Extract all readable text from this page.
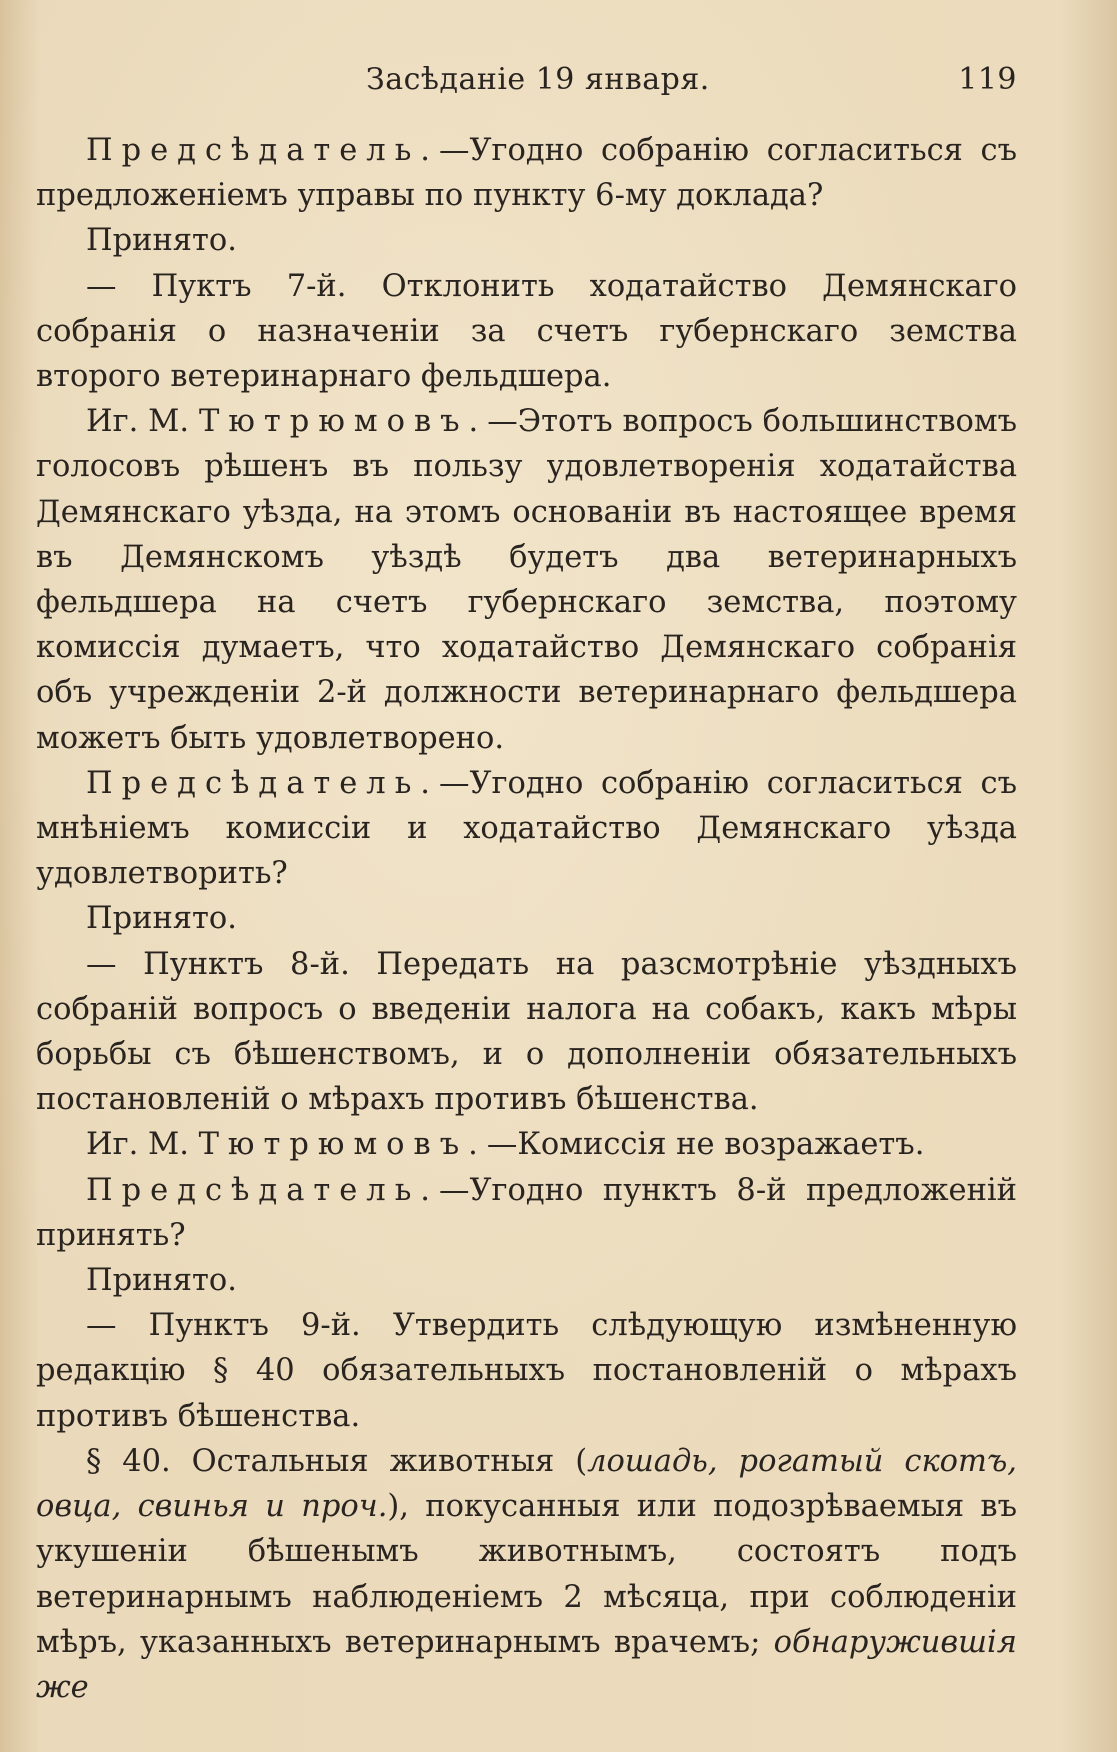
Засѣданіе 19 января.	119

Предсѣдатель.—Угодно собранію согласиться съ предложеніемъ управы по пункту 6-му доклада?

Принято.

— Пуктъ 7-й. Отклонить ходатайство Демянскаго собранія о назначеніи за счетъ губернскаго земства второго ветеринарнаго фельдшера.

Иг. М. Тютрюмовъ.—Этотъ вопросъ большинствомъ голосовъ рѣшенъ въ пользу удовлетворенія ходатайства Демянскаго уѣзда, на этомъ основаніи въ настоящее время въ Демянскомъ уѣздѣ будетъ два ветеринарныхъ фельдшера на счетъ губернскаго земства, поэтому комиссія думаетъ, что ходатайство Демянскаго собранія объ учрежденіи 2-й должности ветеринарнаго фельдшера можетъ быть удовлетворено.

Предсѣдатель.—Угодно собранію согласиться съ мнѣніемъ комиссіи и ходатайство Демянскаго уѣзда удовлетворить?

Принято.

— Пунктъ 8-й. Передать на разсмотрѣніе уѣздныхъ собраній вопросъ о введеніи налога на собакъ, какъ мѣры борьбы съ бѣшенствомъ, и о дополненіи обязательныхъ постановленій о мѣрахъ противъ бѣшенства.

Иг. М. Тютрюмовъ.—Комиссія не возражаетъ.

Предсѣдатель.—Угодно пунктъ 8-й предложеній принять?

Принято.

— Пунктъ 9-й. Утвердить слѣдующую измѣненную редакцію § 40 обязательныхъ постановленій о мѣрахъ противъ бѣшенства.

§ 40. Остальныя животныя (лошадь, рогатый скотъ, овца, свинья и проч.), покусанныя или подозрѣваемыя въ укушеніи бѣшенымъ животнымъ, состоятъ подъ ветеринарнымъ наблюденіемъ 2 мѣсяца, при соблюденіи мѣръ, указанныхъ ветеринарнымъ врачемъ; обнаружившія же
